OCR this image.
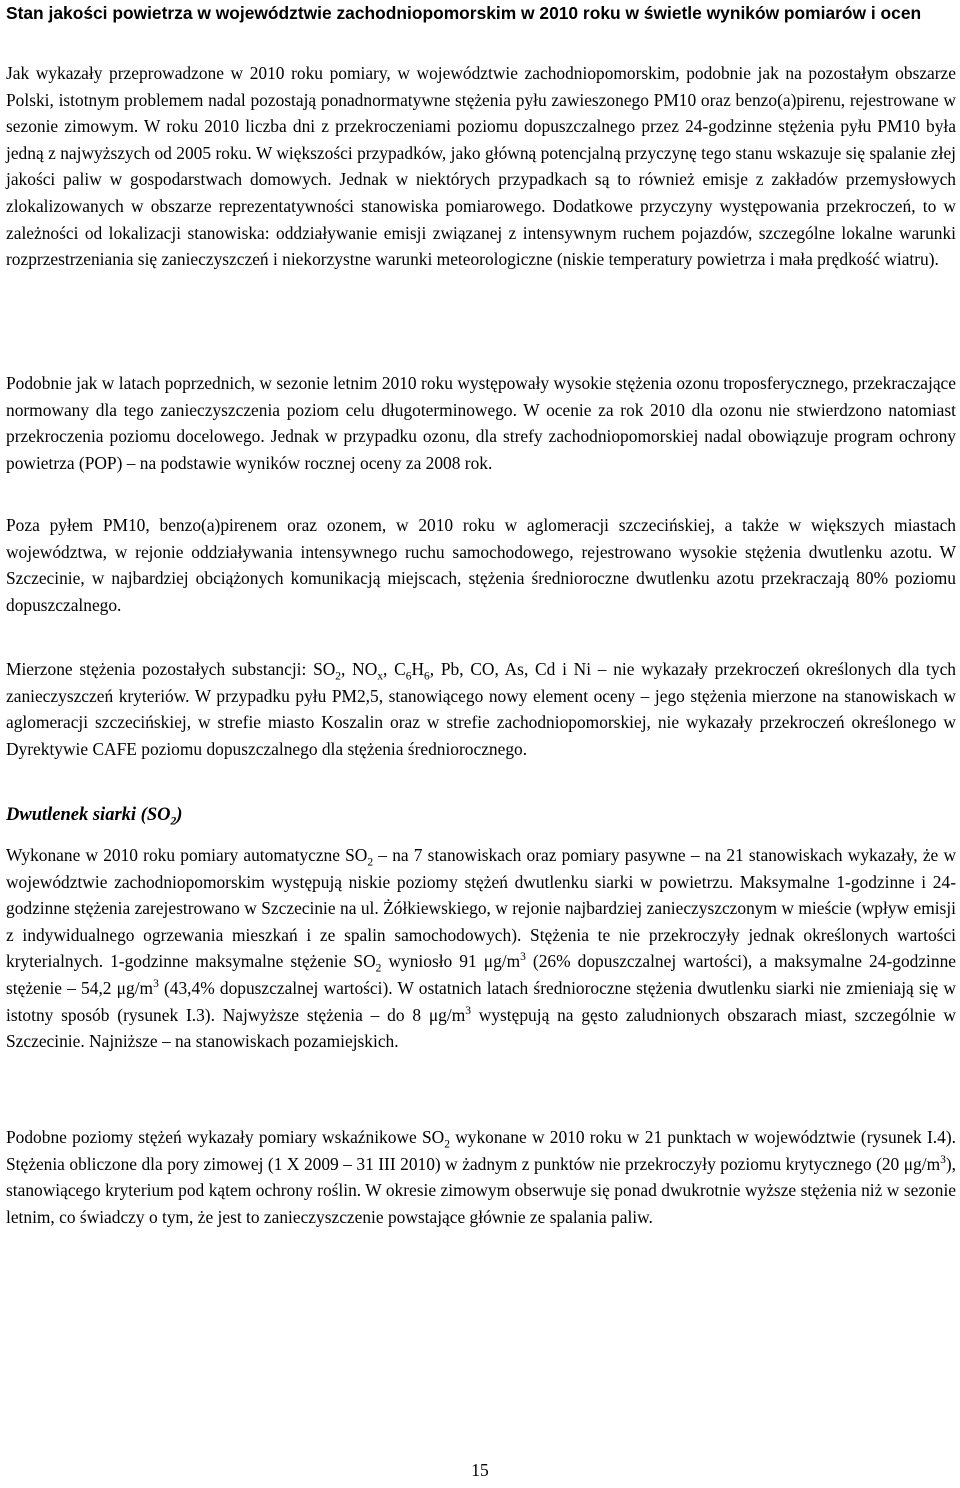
Stan jakości powietrza w województwie zachodniopomorskim w 2010 roku w świetle wyników pomiarów i ocen
Jak wykazały przeprowadzone w 2010 roku pomiary, w województwie zachodniopomorskim, podobnie jak na pozostałym obszarze Polski, istotnym problemem nadal pozostają ponadnormatywne stężenia pyłu zawieszonego PM10 oraz benzo(a)pirenu, rejestrowane w sezonie zimowym. W roku 2010 liczba dni z przekroczeniami poziomu dopuszczalnego przez 24-godzinne stężenia pyłu PM10 była jedną z najwyższych od 2005 roku. W większości przypadków, jako główną potencjalną przyczynę tego stanu wskazuje się spalanie złej jakości paliw w gospodarstwach domowych. Jednak w niektórych przypadkach są to również emisje z zakładów przemysłowych zlokalizowanych w obszarze reprezentatywności stanowiska pomiarowego. Dodatkowe przyczyny występowania przekroczeń, to w zależności od lokalizacji stanowiska: oddziaływanie emisji związanej z intensywnym ruchem pojazdów, szczególne lokalne warunki rozprzestrzeniania się zanieczyszczeń i niekorzystne warunki meteorologiczne (niskie temperatury powietrza i mała prędkość wiatru).
Podobnie jak w latach poprzednich, w sezonie letnim 2010 roku występowały wysokie stężenia ozonu troposferycznego, przekraczające normowany dla tego zanieczyszczenia poziom celu długoterminowego. W ocenie za rok 2010 dla ozonu nie stwierdzono natomiast przekroczenia poziomu docelowego. Jednak w przypadku ozonu, dla strefy zachodniopomorskiej nadal obowiązuje program ochrony powietrza (POP) – na podstawie wyników rocznej oceny za 2008 rok.
Poza pyłem PM10, benzo(a)pirenem oraz ozonem, w 2010 roku w aglomeracji szczecińskiej, a także w większych miastach województwa, w rejonie oddziaływania intensywnego ruchu samochodowego, rejestrowano wysokie stężenia dwutlenku azotu. W Szczecinie, w najbardziej obciążonych komunikacją miejscach, stężenia średnioroczne dwutlenku azotu przekraczają 80% poziomu dopuszczalnego.
Mierzone stężenia pozostałych substancji: $SO_2$, $NO_x$, $C_6H_6$, Pb, CO, As, Cd i Ni – nie wykazały przekroczeń określonych dla tych zanieczyszczeń kryteriów. W przypadku pyłu PM2,5, stanowiącego nowy element oceny – jego stężenia mierzone na stanowiskach w aglomeracji szczecińskiej, w strefie miasto Koszalin oraz w strefie zachodniopomorskiej, nie wykazały przekroczeń określonego w Dyrektywie CAFE poziomu dopuszczalnego dla stężenia średniorocznego.
Dwutlenek siarki $(SO_2)$
Wykonane w 2010 roku pomiary automatyczne $SO_2$ – na 7 stanowiskach oraz pomiary pasywne – na 21 stanowiskach wykazały, że w województwie zachodniopomorskim występują niskie poziomy stężeń dwutlenku siarki w powietrzu. Maksymalne 1-godzinne i 24-godzinne stężenia zarejestrowano w Szczecinie na ul. Żółkiewskiego, w rejonie najbardziej zanieczyszczonym w mieście (wpływ emisji z indywidualnego ogrzewania mieszkań i ze spalin samochodowych). Stężenia te nie przekroczyły jednak określonych wartości kryterialnych. 1-godzinne maksymalne stężenie $SO_2$ wyniosło 91 $\mu g/m^3$ (26% dopuszczalnej wartości), a maksymalne 24-godzinne stężenie – 54,2 $\mu g/m^3$ (43,4% dopuszczalnej wartości). W ostatnich latach średnioroczne stężenia dwutlenku siarki nie zmieniają się w istotny sposób (rysunek I.3). Najwyższe stężenia – do 8 $\mu g/m^3$ występują na gęsto zaludnionych obszarach miast, szczególnie w Szczecinie. Najniższe – na stanowiskach pozamiejskich.
Podobne poziomy stężeń wykazały pomiary wskaźnikowe $SO_2$ wykonane w 2010 roku w 21 punktach w województwie (rysunek I.4). Stężenia obliczone dla pory zimowej (1 X 2009 – 31 III 2010) w żadnym z punktów nie przekroczyły poziomu krytycznego (20 $\mu g/m^3$), stanowiącego kryterium pod kątem ochrony roślin. W okresie zimowym obserwuje się ponad dwukrotnie wyższe stężenia niż w sezonie letnim, co świadczy o tym, że jest to zanieczyszczenie powstające głównie ze spalania paliw.
15
